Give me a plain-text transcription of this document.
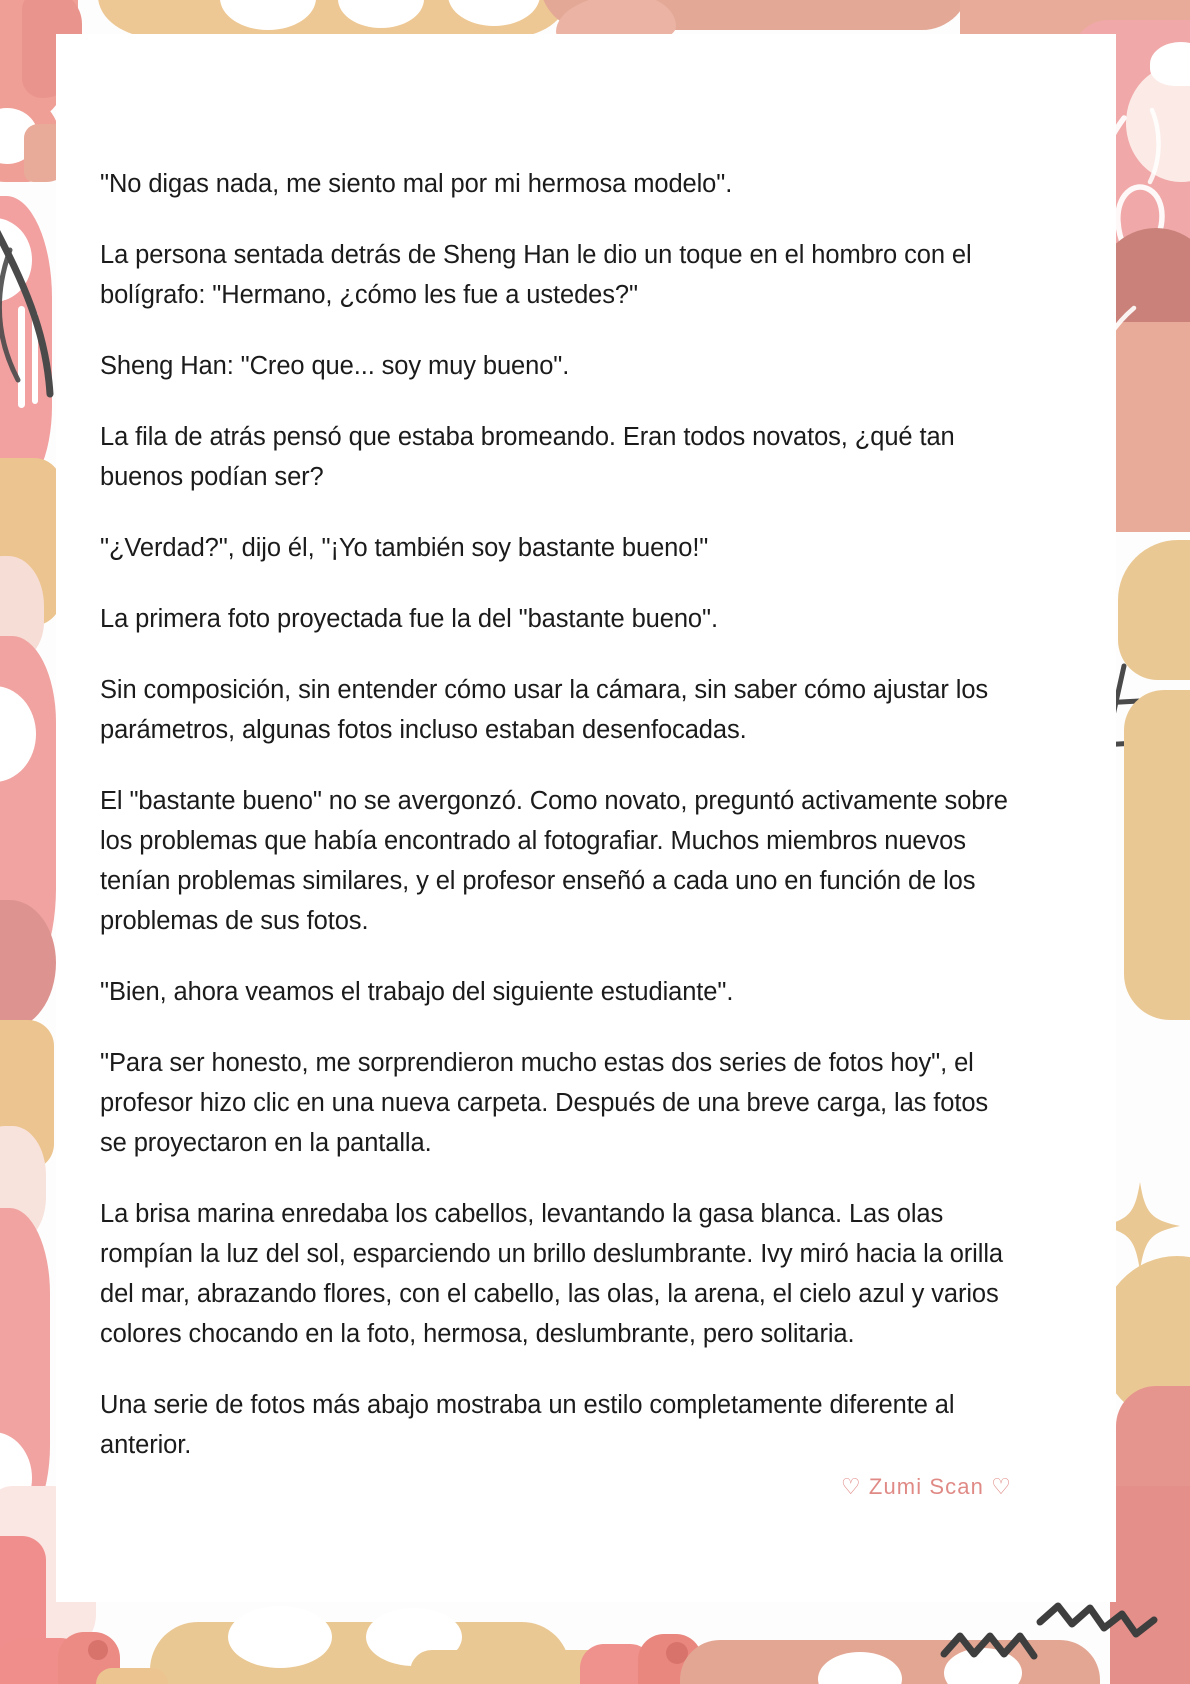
"No digas nada, me siento mal por mi hermosa modelo".

La persona sentada detrás de Sheng Han le dio un toque en el hombro con el bolígrafo: "Hermano, ¿cómo les fue a ustedes?"

Sheng Han: "Creo que... soy muy bueno".

La fila de atrás pensó que estaba bromeando. Eran todos novatos, ¿qué tan buenos podían ser?

"¿Verdad?", dijo él, "¡Yo también soy bastante bueno!"

La primera foto proyectada fue la del "bastante bueno".

Sin composición, sin entender cómo usar la cámara, sin saber cómo ajustar los parámetros, algunas fotos incluso estaban desenfocadas.

El "bastante bueno" no se avergonzó. Como novato, preguntó activamente sobre los problemas que había encontrado al fotografiar. Muchos miembros nuevos tenían problemas similares, y el profesor enseñó a cada uno en función de los problemas de sus fotos.

"Bien, ahora veamos el trabajo del siguiente estudiante".

"Para ser honesto, me sorprendieron mucho estas dos series de fotos hoy", el profesor hizo clic en una nueva carpeta. Después de una breve carga, las fotos se proyectaron en la pantalla.

La brisa marina enredaba los cabellos, levantando la gasa blanca. Las olas rompían la luz del sol, esparciendo un brillo deslumbrante. Ivy miró hacia la orilla del mar, abrazando flores, con el cabello, las olas, la arena, el cielo azul y varios colores chocando en la foto, hermosa, deslumbrante, pero solitaria.

Una serie de fotos más abajo mostraba un estilo completamente diferente al anterior.

♡ Zumi Scan ♡
